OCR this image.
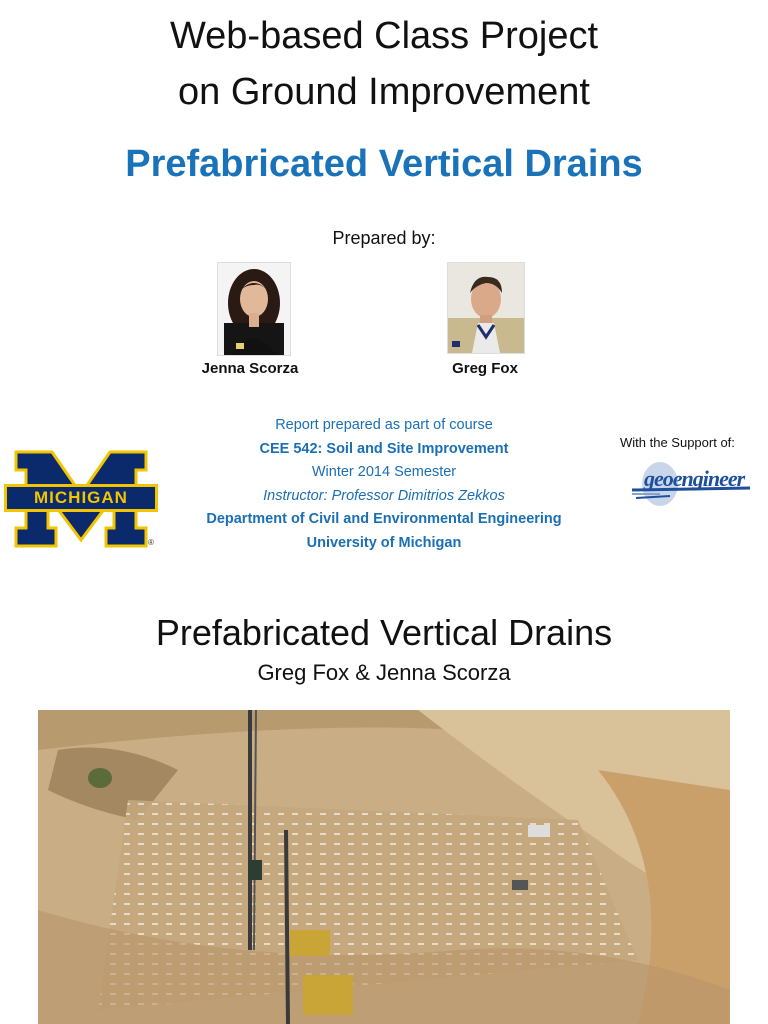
Web-based Class Project
on Ground Improvement
Prefabricated Vertical Drains
Prepared by:
Jenna Scorza	Greg Fox
MICHIGAN
®
Report prepared as part of course
CEE 542: Soil and Site Improvement
Winter 2014 Semester
Instructor: Professor Dimitrios Zekkos
Department of Civil and Environmental Engineering
University of Michigan
With the Support of:
geoengineer
Prefabricated Vertical Drains
Greg Fox & Jenna Scorza
